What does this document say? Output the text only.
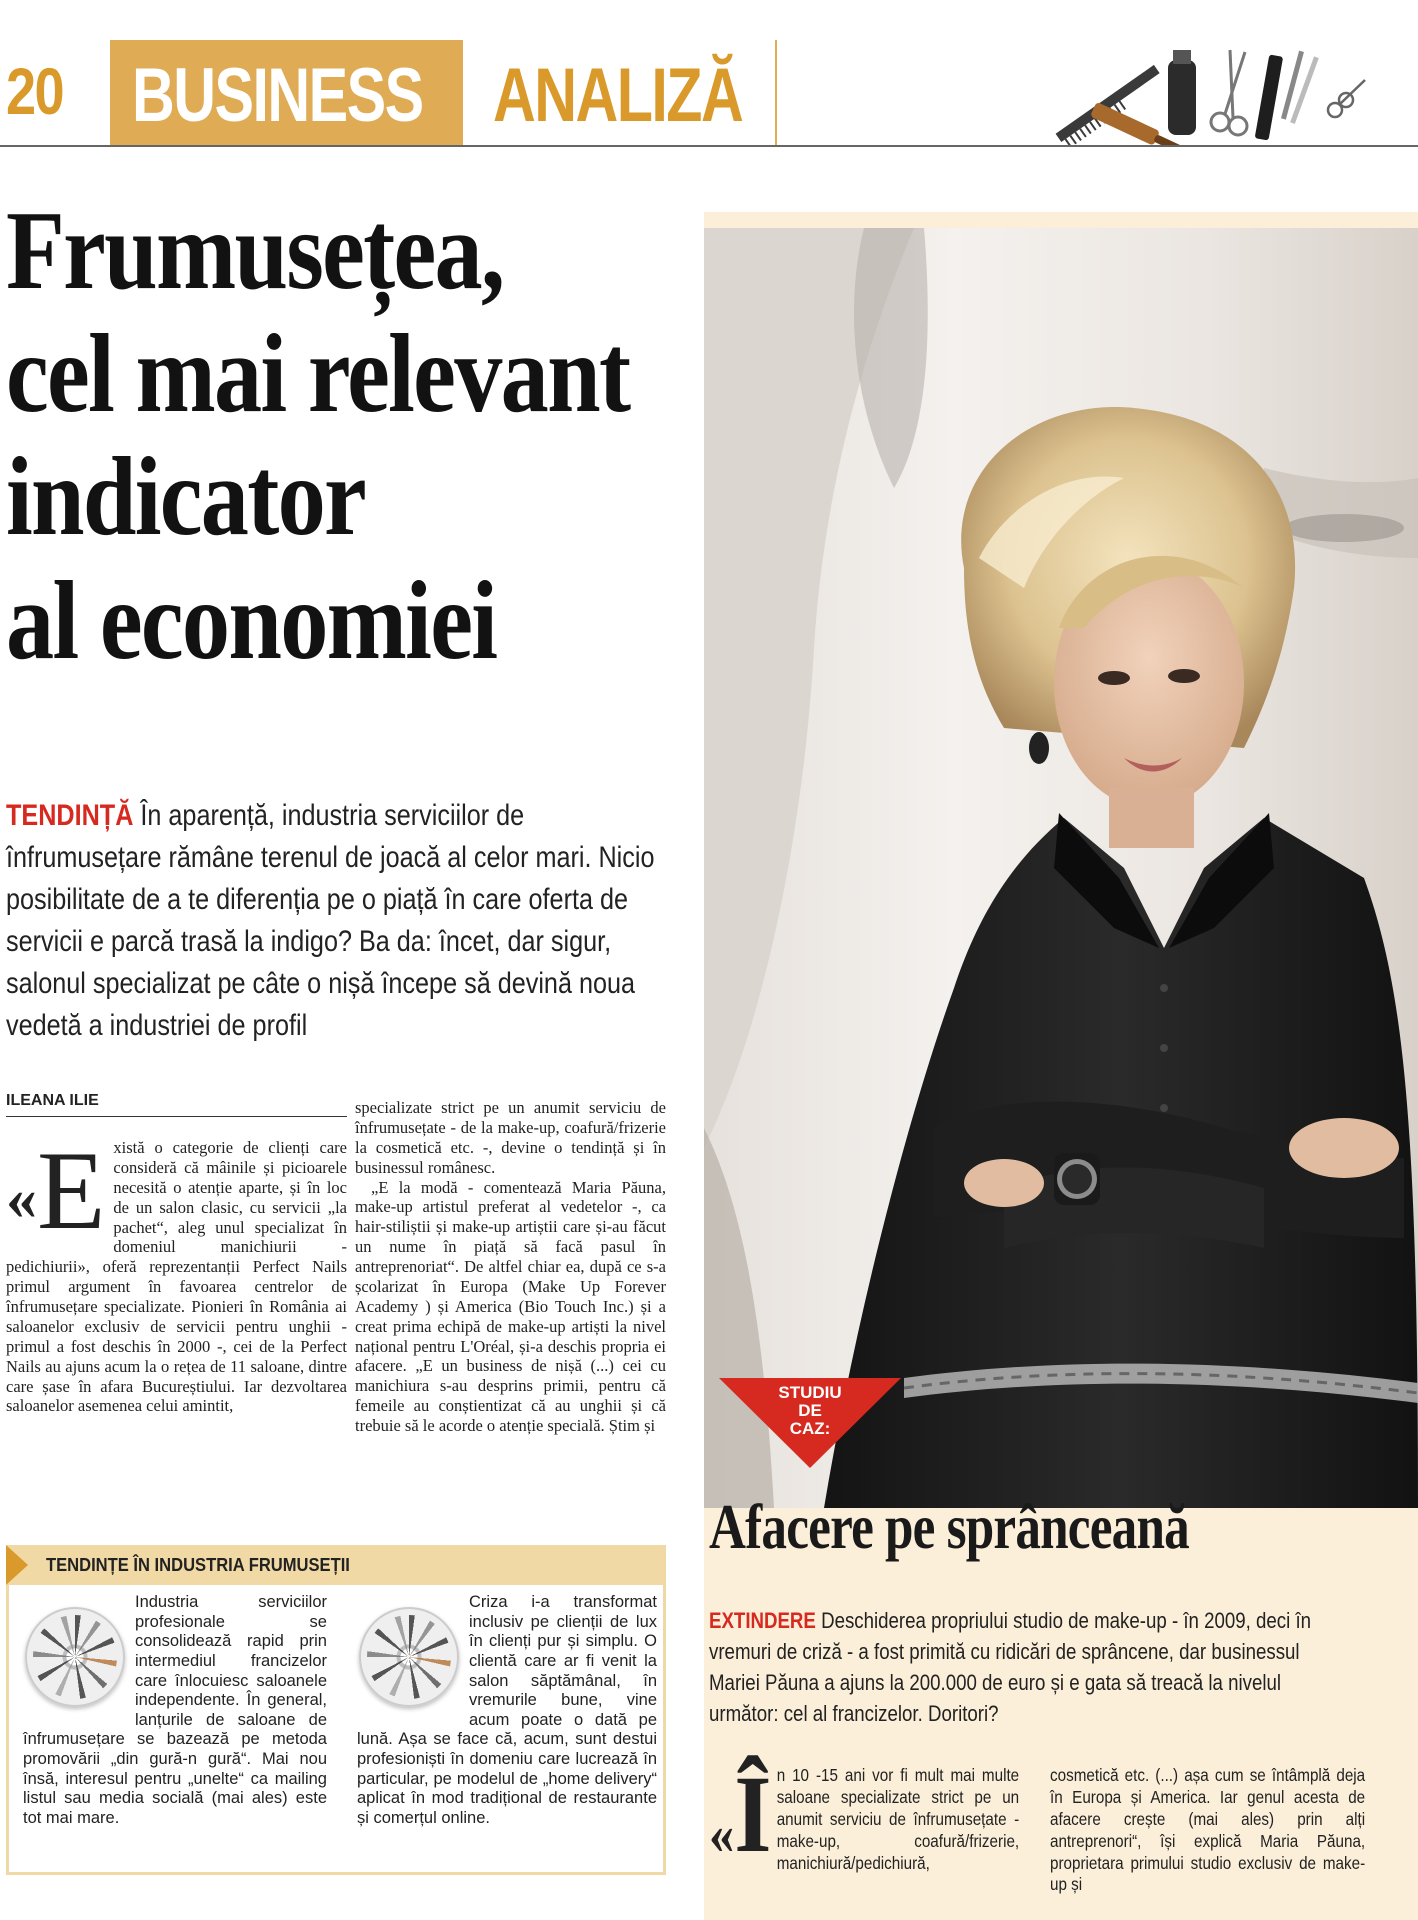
20 BUSINESS ANALIZĂ
Frumusețea,
cel mai relevant
indicator
al economiei
TENDINȚĂ În aparență, industria serviciilor de înfrumusețare rămâne terenul de joacă al celor mari. Nicio posibilitate de a te diferenția pe o piață în care oferta de servicii e parcă trasă la indigo? Ba da: încet, dar sigur, salonul specializat pe câte o nișă începe să devină noua vedetă a industriei de profil
ILEANA ILIE
« E xistă o categorie de clienți care consideră că mâinile și picioarele necesită o atenție aparte, și în loc de un salon clasic, cu servicii „la pachet“, aleg unul specializat în domeniul manichiurii - pedichiurii», oferă reprezentanții Perfect Nails primul argument în favoarea centrelor de înfrumusețare specializate. Pionieri în România ai saloanelor exclusiv de servicii pentru unghii - primul a fost deschis în 2000 -, cei de la Perfect Nails au ajuns acum la o rețea de 11 saloane, dintre care șase în afara Bucureștiului. Iar dezvoltarea saloanelor asemenea celui amintit,

specializate strict pe un anumit serviciu de înfrumusețate - de la make-up, coafură/frizerie la cosmetică etc. -, devine o tendință și în businessul românesc.

„E la modă - comentează Maria Păuna, make-up artistul preferat al vedetelor -, ca hair-stiliștii și make-up artiștii care și-au făcut un nume în piață să facă pasul în antreprenoriat“. De altfel chiar ea, după ce s-a școlarizat în Europa (Make Up Forever Academy ) și America (Bio Touch Inc.) și a creat prima echipă de make-up artiști la nivel național pentru L'Oréal, și-a deschis propria ei afacere. „E un business de nișă (...) cei cu manichiura s-au desprins primii, pentru că femeile au conștientizat că au unghii și că trebuie să le acorde o atenție specială. Știm și

TENDINȚE ÎN INDUSTRIA FRUMUSEȚII
Industria serviciilor profesionale se consolidează rapid prin intermediul francizelor care înlocuiesc saloanele independente. În general, lanțurile de saloane de înfrumusețare se bazează pe metoda promovării „din gură-n gură“. Mai nou însă, interesul pentru „unelte“ ca mailing listul sau media socială (mai ales) este tot mai mare.
Criza i-a transformat inclusiv pe clienții de lux în clienți pur și simplu. O clientă care ar fi venit la salon săptămânal, în vremurile bune, vine acum poate o dată pe lună. Așa se face că, acum, sunt destui profesioniști în domeniu care lucrează în particular, pe modelul de „home delivery“ aplicat în mod tradițional de restaurante și comerțul online.
STUDIU
DE
CAZ:
Afacere pe sprânceană
EXTINDERE Deschiderea propriului studio de make-up - în 2009, deci în vremuri de criză - a fost primită cu ridicări de sprâncene, dar businessul Mariei Păuna a ajuns la 200.000 de euro și e gata să treacă la nivelul următor: cel al francizelor. Doritori?
« Î n 10 -15 ani vor fi mult mai multe saloane specializate strict pe un anumit serviciu de înfrumusețate - make-up, coafură/frizerie, manichiură/pedichiură,
cosmetică etc. (...) așa cum se întâmplă deja în Europa și America. Iar genul acesta de afacere crește (mai ales) prin alți antreprenori“, își explică Maria Păuna, proprietara primului studio exclusiv de make-up și
